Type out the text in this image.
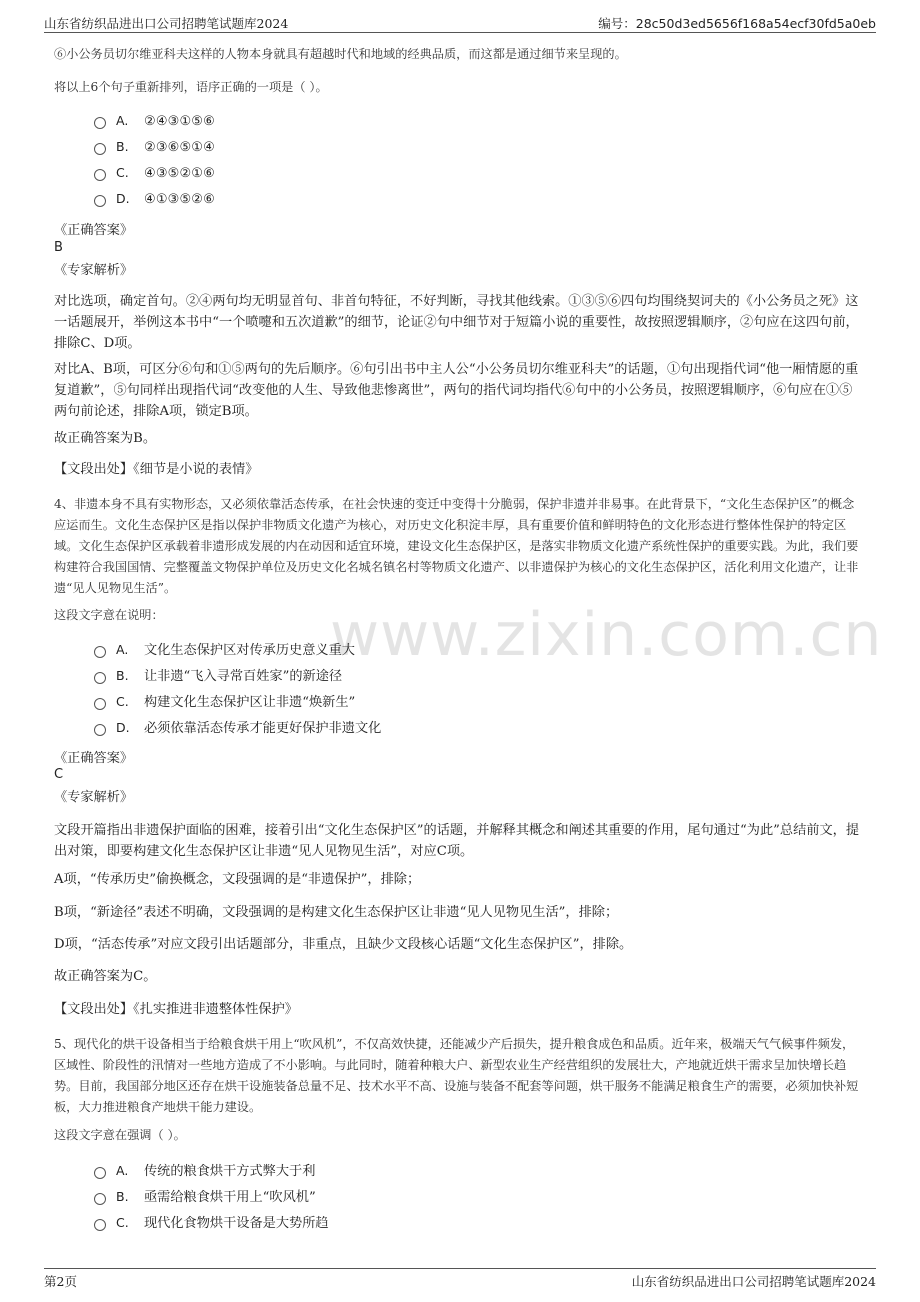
山东省纺织品进出口公司招聘笔试题库2024	编号：28c50d3ed5656f168a54ecf30fd5a0eb
www.zixin.com.cn
⑥小公务员切尔维亚科夫这样的人物本身就具有超越时代和地域的经典品质，而这都是通过细节来呈现的。
将以上6个句子重新排列，语序正确的一项是（ ）。
A. ②④③①⑤⑥
B. ②③⑥⑤①④
C. ④③⑤②①⑥
D. ④①③⑤②⑥
《正确答案》
B
《专家解析》
对比选项，确定首句。②④两句均无明显首句、非首句特征，不好判断，寻找其他线索。①③⑤⑥四句均围绕契诃夫的《小公务员之死》这一话题展开，举例这本书中“一个喷嚏和五次道歉”的细节，论证②句中细节对于短篇小说的重要性，故按照逻辑顺序，②句应在这四句前，排除C、D项。
对比A、B项，可区分⑥句和①⑤两句的先后顺序。⑥句引出书中主人公“小公务员切尔维亚科夫”的话题，①句出现指代词“他一厢情愿的重复道歉”，⑤句同样出现指代词“改变他的人生、导致他悲惨离世”，两句的指代词均指代⑥句中的小公务员，按照逻辑顺序，⑥句应在①⑤两句前论述，排除A项，锁定B项。
故正确答案为B。
【文段出处】《细节是小说的表情》
4、非遗本身不具有实物形态，又必须依靠活态传承，在社会快速的变迁中变得十分脆弱，保护非遗并非易事。在此背景下，“文化生态保护区”的概念应运而生。文化生态保护区是指以保护非物质文化遗产为核心，对历史文化积淀丰厚，具有重要价值和鲜明特色的文化形态进行整体性保护的特定区域。文化生态保护区承载着非遗形成发展的内在动因和适宜环境，建设文化生态保护区，是落实非物质文化遗产系统性保护的重要实践。为此，我们要构建符合我国国情、完整覆盖文物保护单位及历史文化名城名镇名村等物质文化遗产、以非遗保护为核心的文化生态保护区，活化利用文化遗产，让非遗“见人见物见生活”。
这段文字意在说明：
A. 文化生态保护区对传承历史意义重大
B. 让非遗“飞入寻常百姓家”的新途径
C. 构建文化生态保护区让非遗“焕新生”
D. 必须依靠活态传承才能更好保护非遗文化
《正确答案》
C
《专家解析》
文段开篇指出非遗保护面临的困难，接着引出“文化生态保护区”的话题，并解释其概念和阐述其重要的作用，尾句通过“为此”总结前文，提出对策，即要构建文化生态保护区让非遗“见人见物见生活”，对应C项。
A项，“传承历史”偷换概念，文段强调的是“非遗保护”，排除；
B项，“新途径”表述不明确，文段强调的是构建文化生态保护区让非遗“见人见物见生活”，排除；
D项，“活态传承”对应文段引出话题部分，非重点，且缺少文段核心话题“文化生态保护区”，排除。
故正确答案为C。
【文段出处】《扎实推进非遗整体性保护》
5、现代化的烘干设备相当于给粮食烘干用上“吹风机”，不仅高效快捷，还能减少产后损失，提升粮食成色和品质。近年来，极端天气气候事件频发，区域性、阶段性的汛情对一些地方造成了不小影响。与此同时，随着种粮大户、新型农业生产经营组织的发展壮大，产地就近烘干需求呈加快增长趋势。目前，我国部分地区还存在烘干设施装备总量不足、技术水平不高、设施与装备不配套等问题，烘干服务不能满足粮食生产的需要，必须加快补短板，大力推进粮食产地烘干能力建设。
这段文字意在强调（ ）。
A. 传统的粮食烘干方式弊大于利
B. 亟需给粮食烘干用上“吹风机”
C. 现代化食物烘干设备是大势所趋
第2页	山东省纺织品进出口公司招聘笔试题库2024
